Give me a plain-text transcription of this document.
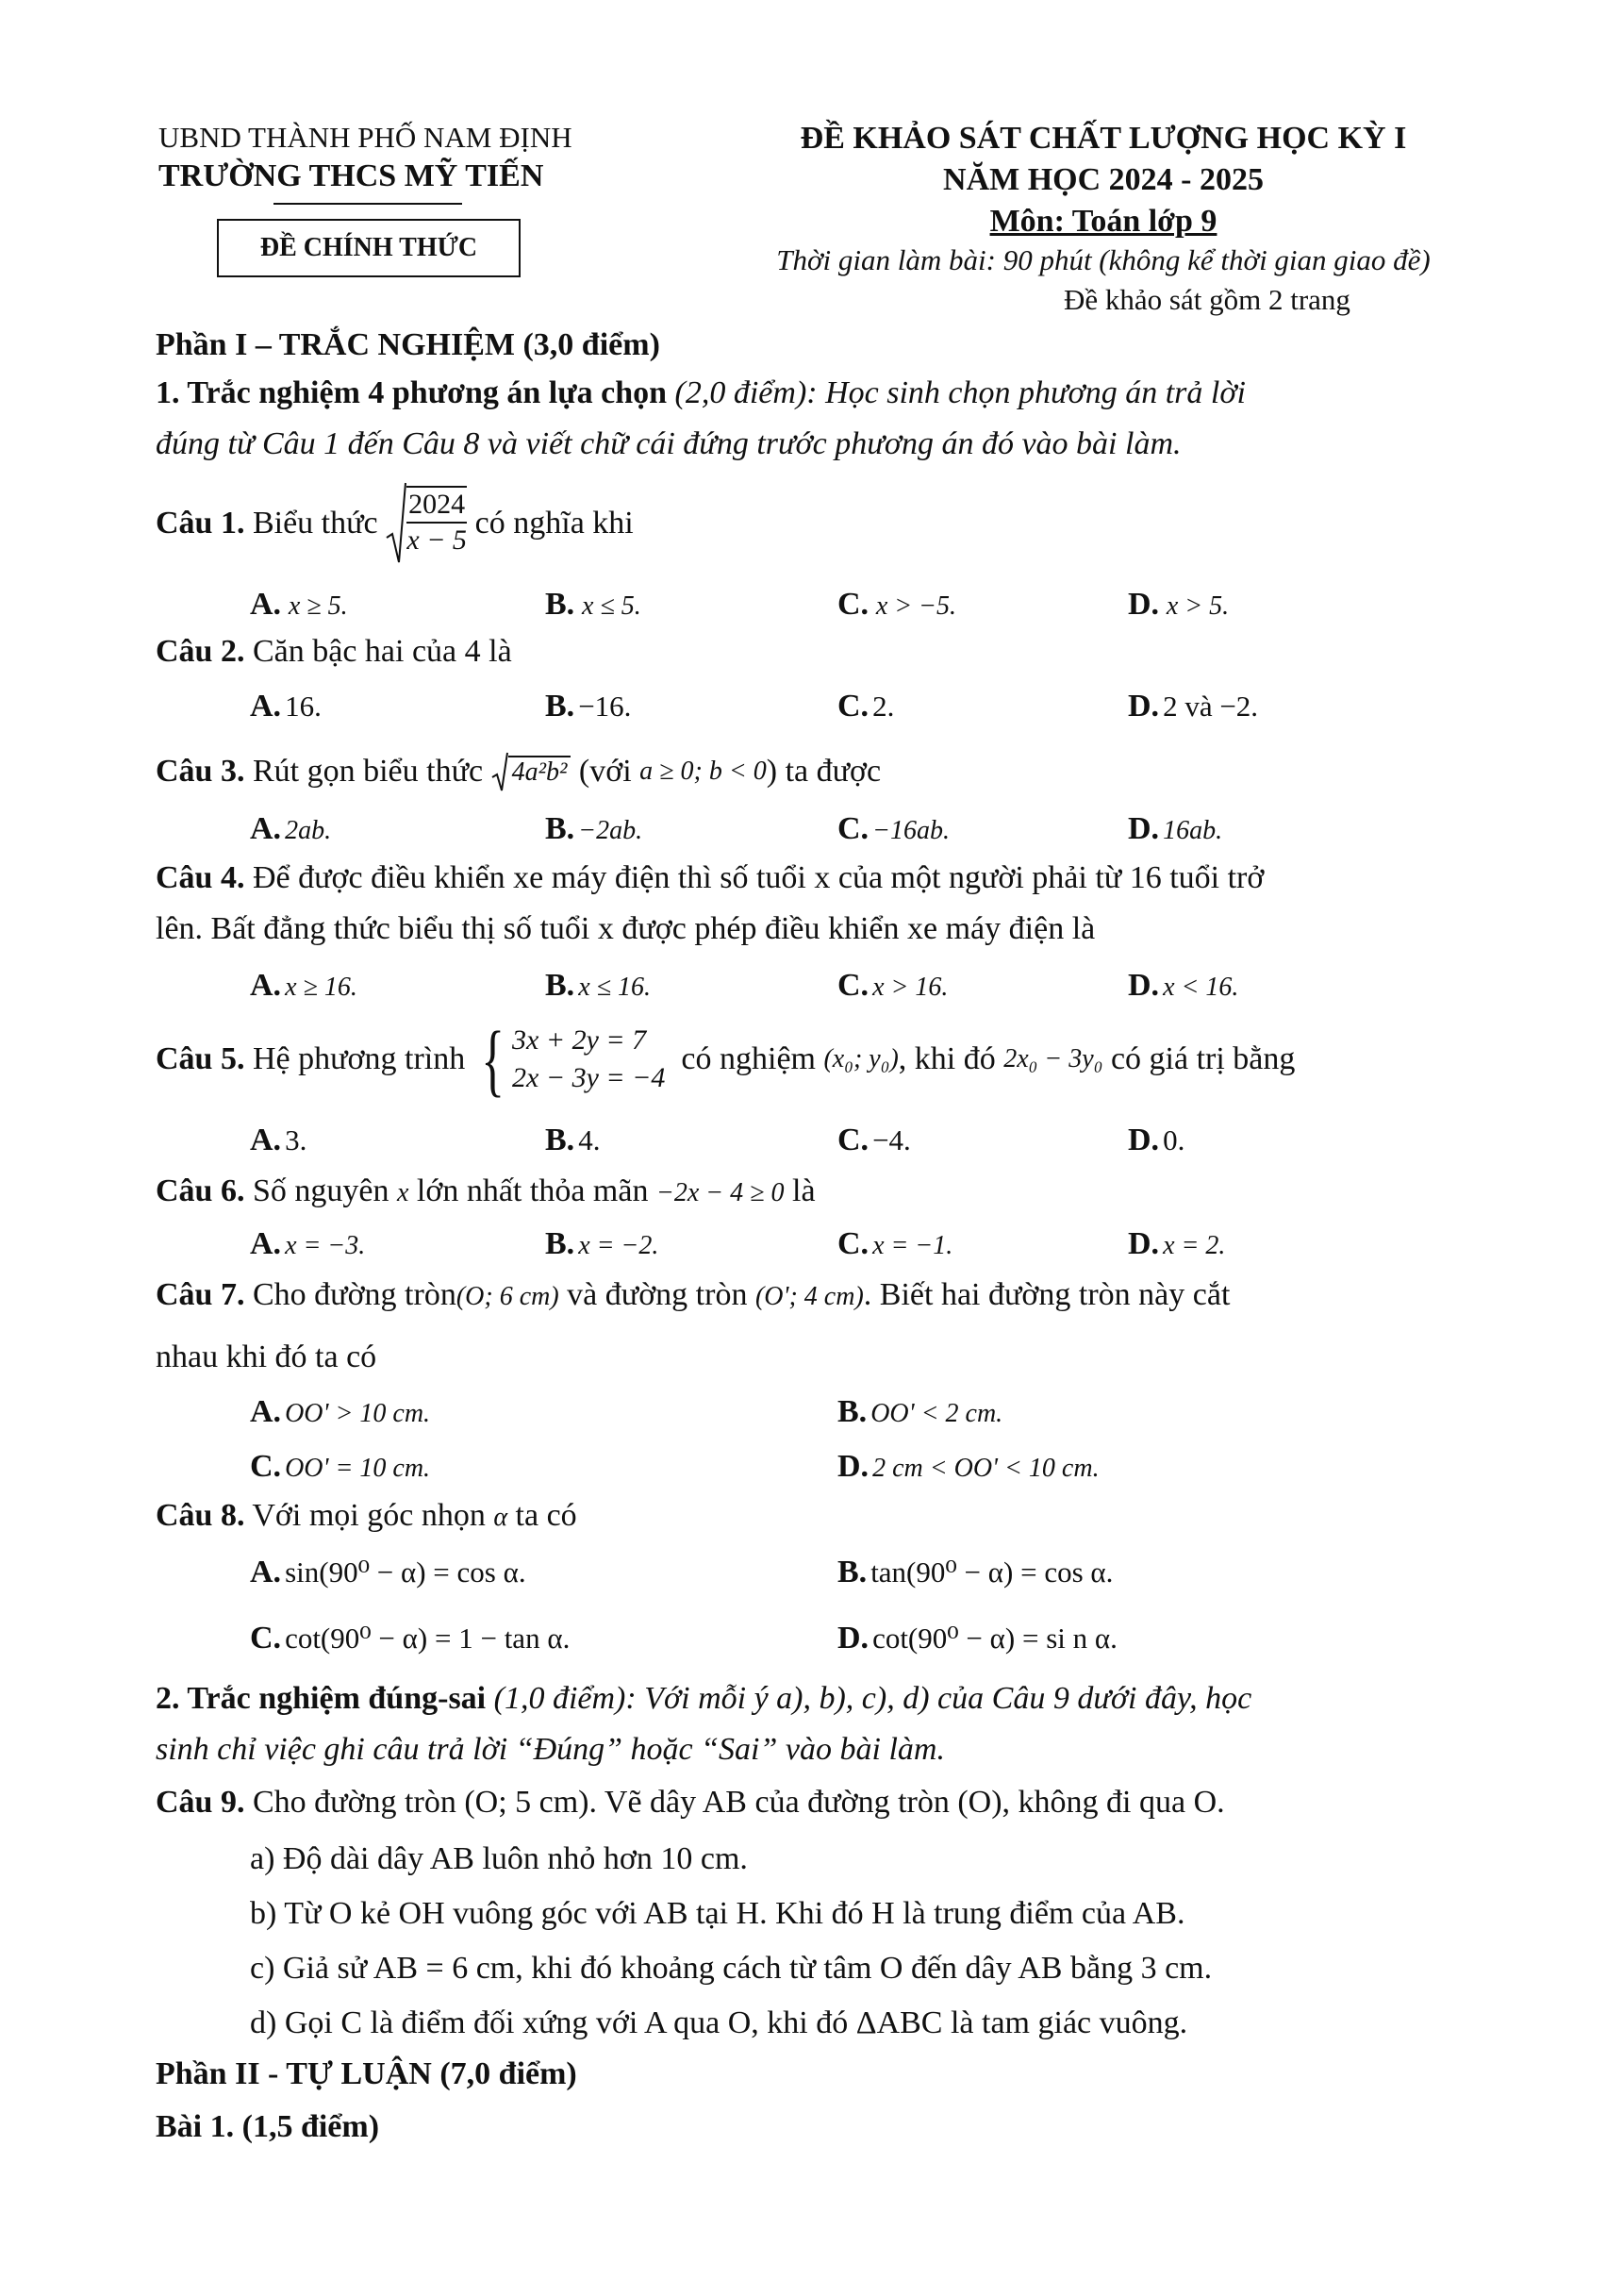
UBND THÀNH PHỐ NAM ĐỊNH
TRƯỜNG THCS MỸ TIẾN
ĐỀ CHÍNH THỨC
ĐỀ KHẢO SÁT CHẤT LƯỢNG HỌC KỲ I
NĂM HỌC 2024 - 2025
Môn: Toán lớp 9
Thời gian làm bài: 90 phút (không kể thời gian giao đề)
Đề khảo sát gồm 2 trang
Phần I – TRẮC NGHIỆM (3,0 điểm)
1. Trắc nghiệm 4 phương án lựa chọn (2,0 điểm): Học sinh chọn phương án trả lời
đúng từ Câu 1 đến Câu 8 và viết chữ cái đứng trước phương án đó vào bài làm.
Câu 1.
Biểu thức
$\frac{2024}{x - 5}$
có nghĩa khi
A. x ≥ 5.	B. x ≤ 5.	C. x > −5.	D. x > 5.
Câu 2. Căn bậc hai của 4 là
A. 16.	B. −16.	C. 2.	D. 2 và −2.
Câu 3.
Rút gọn biểu thức
4a²b²
(với
a ≥ 0; b < 0 ) ta được
A. 2ab.	B. −2ab.	C. −16ab.	D. 16ab.
Câu 4. Để được điều khiển xe máy điện thì số tuổi x của một người phải từ 16 tuổi trở
lên. Bất đẳng thức biểu thị số tuổi x được phép điều khiển xe máy điện là
A. x ≥ 16.	B. x ≤ 16.	C. x > 16.	D. x < 16.
Câu 5.
Hệ phương trình
{ 3x + 2y = 7
2x − 3y = −4

có nghiệm
(x₀; y₀) , khi đó
2x₀ − 3y₀
có giá trị bằng
A. 3.	B. 4.	C. −4.	D. 0.
Câu 6. Số nguyên x lớn nhất thỏa mãn −2x − 4 ≥ 0 là
A. x = −3.	B. x = −2.	C. x = −1.	D. x = 2.
Câu 7. Cho đường tròn(O; 6 cm) và đường tròn (O'; 4 cm). Biết hai đường tròn này cắt
nhau khi đó ta có
A. OO' > 10 cm.	B. OO' < 2 cm.
C. OO' = 10 cm.	D. 2 cm < OO' < 10 cm.
Câu 8. Với mọi góc nhọn α ta có
A. sin(90⁰ − α) = cos α.	B. tan(90⁰ − α) = cos α.
C. cot(90⁰ − α) = 1 − tan α.	D. cot(90⁰ − α) = si n α.
2. Trắc nghiệm đúng-sai (1,0 điểm): Với mỗi ý a), b), c), d) của Câu 9 dưới đây, học
sinh chỉ việc ghi câu trả lời “Đúng” hoặc “Sai” vào bài làm.
Câu 9. Cho đường tròn (O; 5 cm). Vẽ dây AB của đường tròn (O), không đi qua O.
a) Độ dài dây AB luôn nhỏ hơn 10 cm.
b) Từ O kẻ OH vuông góc với AB tại H. Khi đó H là trung điểm của AB.
c) Giả sử AB = 6 cm, khi đó khoảng cách từ tâm O đến dây AB bằng 3 cm.
d) Gọi C là điểm đối xứng với A qua O, khi đó ΔABC là tam giác vuông.
Phần II - TỰ LUẬN (7,0 điểm)
Bài 1. (1,5 điểm)
